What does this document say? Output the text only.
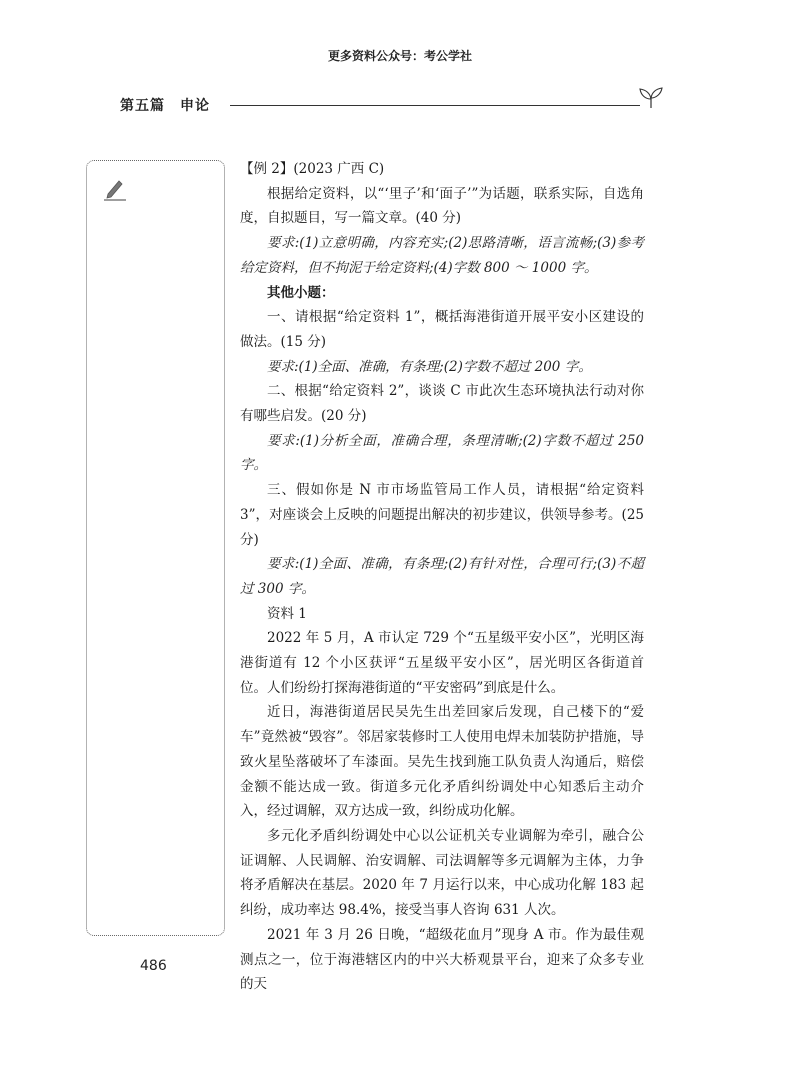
更多资料公众号：考公学社
第五篇　申论

【例 2】(2023 广西 C)

根据给定资料，以“‘里子’和‘面子’”为话题，联系实际，自选角度，自拟题目，写一篇文章。(40 分)

要求:(1)立意明确，内容充实;(2)思路清晰，语言流畅;(3)参考给定资料，但不拘泥于给定资料;(4)字数 800 ～ 1000 字。

其他小题：

一、请根据“给定资料 1”，概括海港街道开展平安小区建设的做法。(15 分)

要求:(1)全面、准确，有条理;(2)字数不超过 200 字。

二、根据“给定资料 2”，谈谈 C 市此次生态环境执法行动对你有哪些启发。(20 分)

要求:(1)分析全面，准确合理，条理清晰;(2)字数不超过 250 字。

三、假如你是 N 市市场监管局工作人员，请根据“给定资料 3”，对座谈会上反映的问题提出解决的初步建议，供领导参考。(25 分)

要求:(1)全面、准确，有条理;(2)有针对性，合理可行;(3)不超过 300 字。

资料 1

2022 年 5 月，A 市认定 729 个“五星级平安小区”，光明区海港街道有 12 个小区获评“五星级平安小区”，居光明区各街道首位。人们纷纷打探海港街道的“平安密码”到底是什么。

近日，海港街道居民吴先生出差回家后发现，自己楼下的“爱车”竟然被“毁容”。邻居家装修时工人使用电焊未加装防护措施，导致火星坠落破坏了车漆面。吴先生找到施工队负责人沟通后，赔偿金额不能达成一致。街道多元化矛盾纠纷调处中心知悉后主动介入，经过调解，双方达成一致，纠纷成功化解。

多元化矛盾纠纷调处中心以公证机关专业调解为牵引，融合公证调解、人民调解、治安调解、司法调解等多元调解为主体，力争将矛盾解决在基层。2020 年 7 月运行以来，中心成功化解 183 起纠纷，成功率达 98.4%，接受当事人咨询 631 人次。

2021 年 3 月 26 日晚，“超级花血月”现身 A 市。作为最佳观测点之一，位于海港辖区内的中兴大桥观景平台，迎来了众多专业的天

486
